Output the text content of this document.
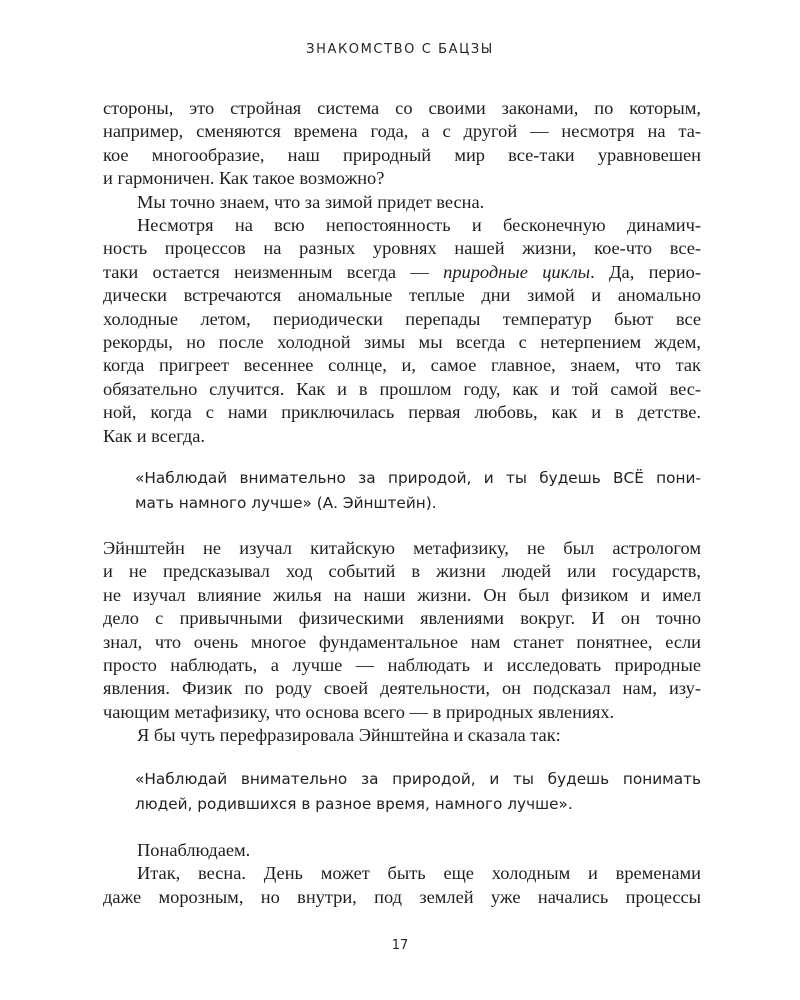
ЗНАКОМСТВО С БАЦЗЫ
стороны, это стройная система со своими законами, по которым,
например, сменяются времена года, а с другой — несмотря на та-
кое многообразие, наш природный мир все-таки уравновешен
и гармоничен. Как такое возможно?
Мы точно знаем, что за зимой придет весна.
Несмотря на всю непостоянность и бесконечную динамич-
ность процессов на разных уровнях нашей жизни, кое-что все-
таки остается неизменным всегда — природные циклы. Да, перио-
дически встречаются аномальные теплые дни зимой и аномально
холодные летом, периодически перепады температур бьют все
рекорды, но после холодной зимы мы всегда с нетерпением ждем,
когда пригреет весеннее солнце, и, самое главное, знаем, что так
обязательно случится. Как и в прошлом году, как и той самой вес-
ной, когда с нами приключилась первая любовь, как и в детстве.
Как и всегда.
«Наблюдай внимательно за природой, и ты будешь ВСЁ пони-
мать намного лучше» (А. Эйнштейн).
Эйнштейн не изучал китайскую метафизику, не был астрологом
и не предсказывал ход событий в жизни людей или государств,
не изучал влияние жилья на наши жизни. Он был физиком и имел
дело с привычными физическими явлениями вокруг. И он точно
знал, что очень многое фундаментальное нам станет понятнее, если
просто наблюдать, а лучше — наблюдать и исследовать природные
явления. Физик по роду своей деятельности, он подсказал нам, изу-
чающим метафизику, что основа всего — в природных явлениях.
Я бы чуть перефразировала Эйнштейна и сказала так:
«Наблюдай внимательно за природой, и ты будешь понимать
людей, родившихся в разное время, намного лучше».
Понаблюдаем.
Итак, весна. День может быть еще холодным и временами
даже морозным, но внутри, под землей уже начались процессы
17
